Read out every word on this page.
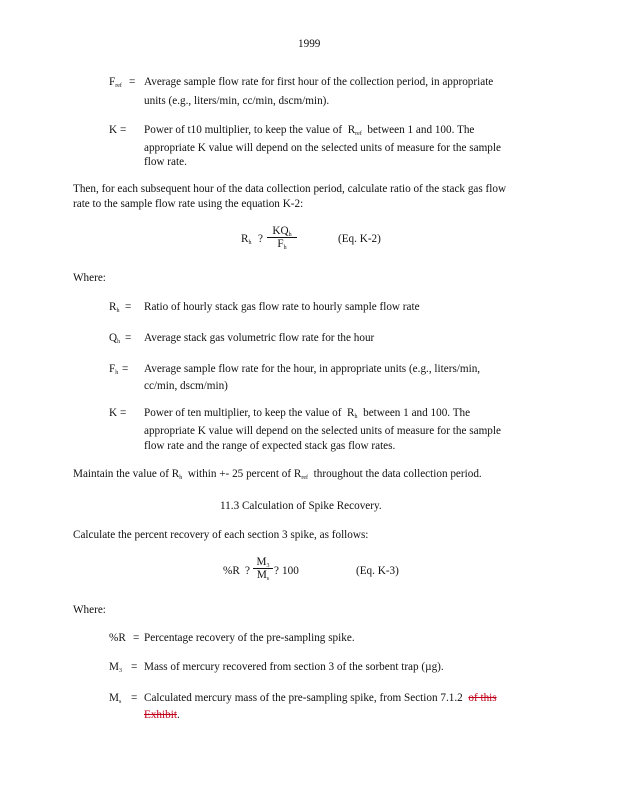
1999
$F_{ref}$ = Average sample flow rate for first hour of the collection period, in appropriate
units (e.g., liters/min, cc/min, dscm/min).
K = Power of t10 multiplier, to keep the value of $R_{ref}$ between 1 and 100. The
appropriate K value will depend on the selected units of measure for the sample
flow rate.
Then, for each subsequent hour of the data collection period, calculate ratio of the stack gas flow
rate to the sample flow rate using the equation K-2:
$R_h$ ?
$KQ_h$
$F_h$
(Eq. K-2)
Where:
$R_h$ = Ratio of hourly stack gas flow rate to hourly sample flow rate
$Q_h$ = Average stack gas volumetric flow rate for the hour
$F_h$ = Average sample flow rate for the hour, in appropriate units (e.g., liters/min,
cc/min, dscm/min)
K = Power of ten multiplier, to keep the value of $R_h$ between 1 and 100. The
appropriate K value will depend on the selected units of measure for the sample
flow rate and the range of expected stack gas flow rates.
Maintain the value of $R_h$ within +- 25 percent of $R_{ref}$ throughout the data collection period.
11.3 Calculation of Spike Recovery.
Calculate the percent recovery of each section 3 spike, as follows:
%R ?
$M_3$
$M_s$
? 100	(Eq. K-3)
Where:
%R = Percentage recovery of the pre-sampling spike.
$M_3$ = Mass of mercury recovered from section 3 of the sorbent trap (µg).
$M_s$ = Calculated mercury mass of the pre-sampling spike, from Section 7.1.2 of this
Exhibit.
